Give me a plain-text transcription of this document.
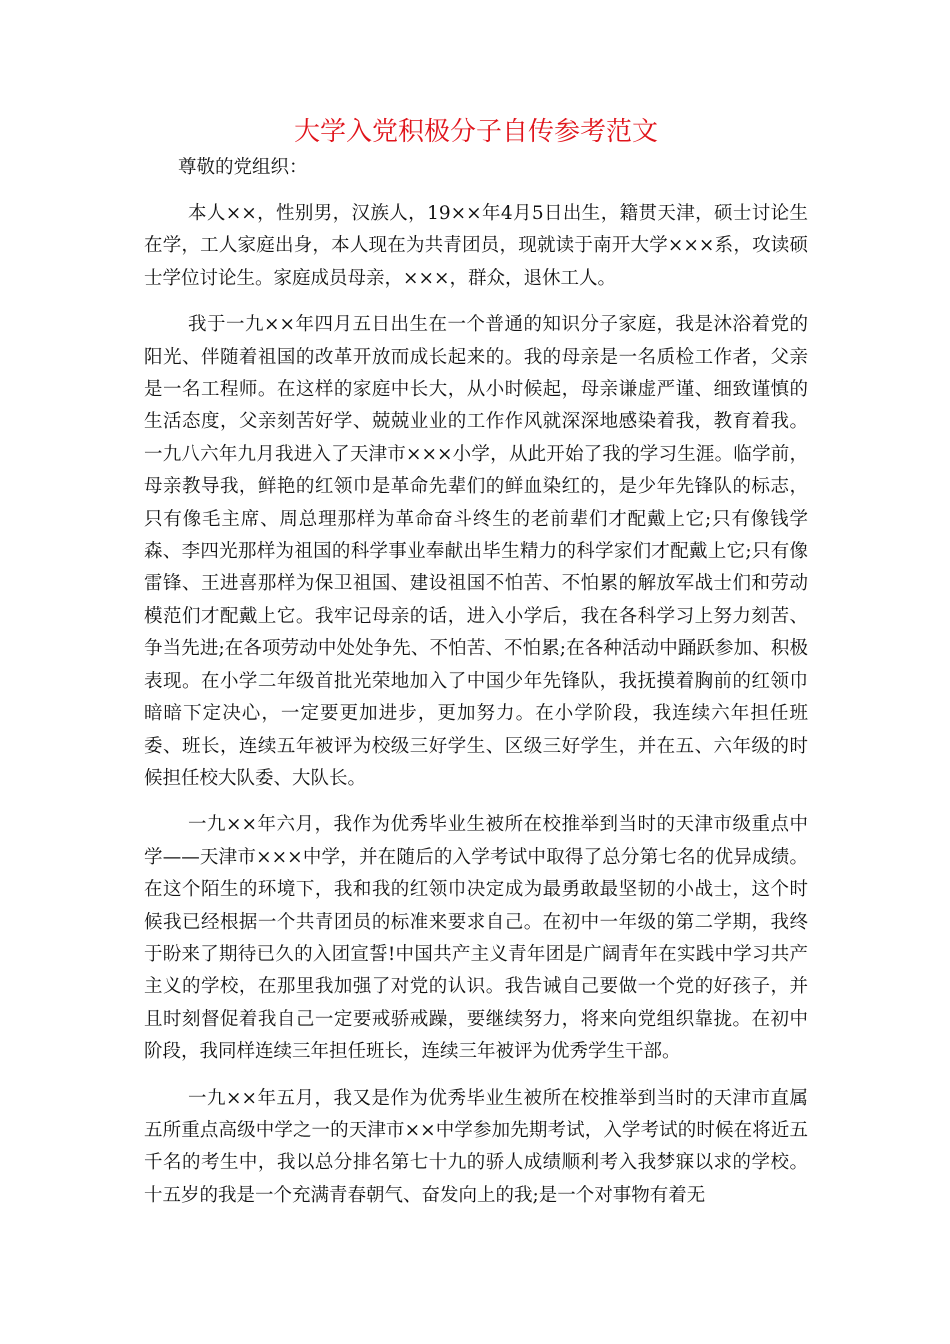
大学入党积极分子自传参考范文
尊敬的党组织：

本人××，性别男，汉族人，19××年4月5日出生，籍贯天津，硕士讨论生在学，工人家庭出身，本人现在为共青团员，现就读于南开大学×××系，攻读硕士学位讨论生。家庭成员母亲，×××，群众，退休工人。

我于一九××年四月五日出生在一个普通的知识分子家庭，我是沐浴着党的阳光、伴随着祖国的改革开放而成长起来的。我的母亲是一名质检工作者，父亲是一名工程师。在这样的家庭中长大，从小时候起，母亲谦虚严谨、细致谨慎的生活态度，父亲刻苦好学、兢兢业业的工作作风就深深地感染着我，教育着我。一九八六年九月我进入了天津市×××小学，从此开始了我的学习生涯。临学前，母亲教导我，鲜艳的红领巾是革命先辈们的鲜血染红的，是少年先锋队的标志，只有像毛主席、周总理那样为革命奋斗终生的老前辈们才配戴上它;只有像钱学森、李四光那样为祖国的科学事业奉献出毕生精力的科学家们才配戴上它;只有像雷锋、王进喜那样为保卫祖国、建设祖国不怕苦、不怕累的解放军战士们和劳动模范们才配戴上它。我牢记母亲的话，进入小学后，我在各科学习上努力刻苦、争当先进;在各项劳动中处处争先、不怕苦、不怕累;在各种活动中踊跃参加、积极表现。在小学二年级首批光荣地加入了中国少年先锋队，我抚摸着胸前的红领巾暗暗下定决心，一定要更加进步，更加努力。在小学阶段，我连续六年担任班委、班长，连续五年被评为校级三好学生、区级三好学生，并在五、六年级的时候担任校大队委、大队长。

一九××年六月，我作为优秀毕业生被所在校推举到当时的天津市级重点中学——天津市×××中学，并在随后的入学考试中取得了总分第七名的优异成绩。在这个陌生的环境下，我和我的红领巾决定成为最勇敢最坚韧的小战士，这个时候我已经根据一个共青团员的标准来要求自己。在初中一年级的第二学期，我终于盼来了期待已久的入团宣誓!中国共产主义青年团是广阔青年在实践中学习共产主义的学校，在那里我加强了对党的认识。我告诫自己要做一个党的好孩子，并且时刻督促着我自己一定要戒骄戒躁，要继续努力，将来向党组织靠拢。在初中阶段，我同样连续三年担任班长，连续三年被评为优秀学生干部。

一九××年五月，我又是作为优秀毕业生被所在校推举到当时的天津市直属五所重点高级中学之一的天津市××中学参加先期考试，入学考试的时候在将近五千名的考生中，我以总分排名第七十九的骄人成绩顺利考入我梦寐以求的学校。十五岁的我是一个充满青春朝气、奋发向上的我;是一个对事物有着无
